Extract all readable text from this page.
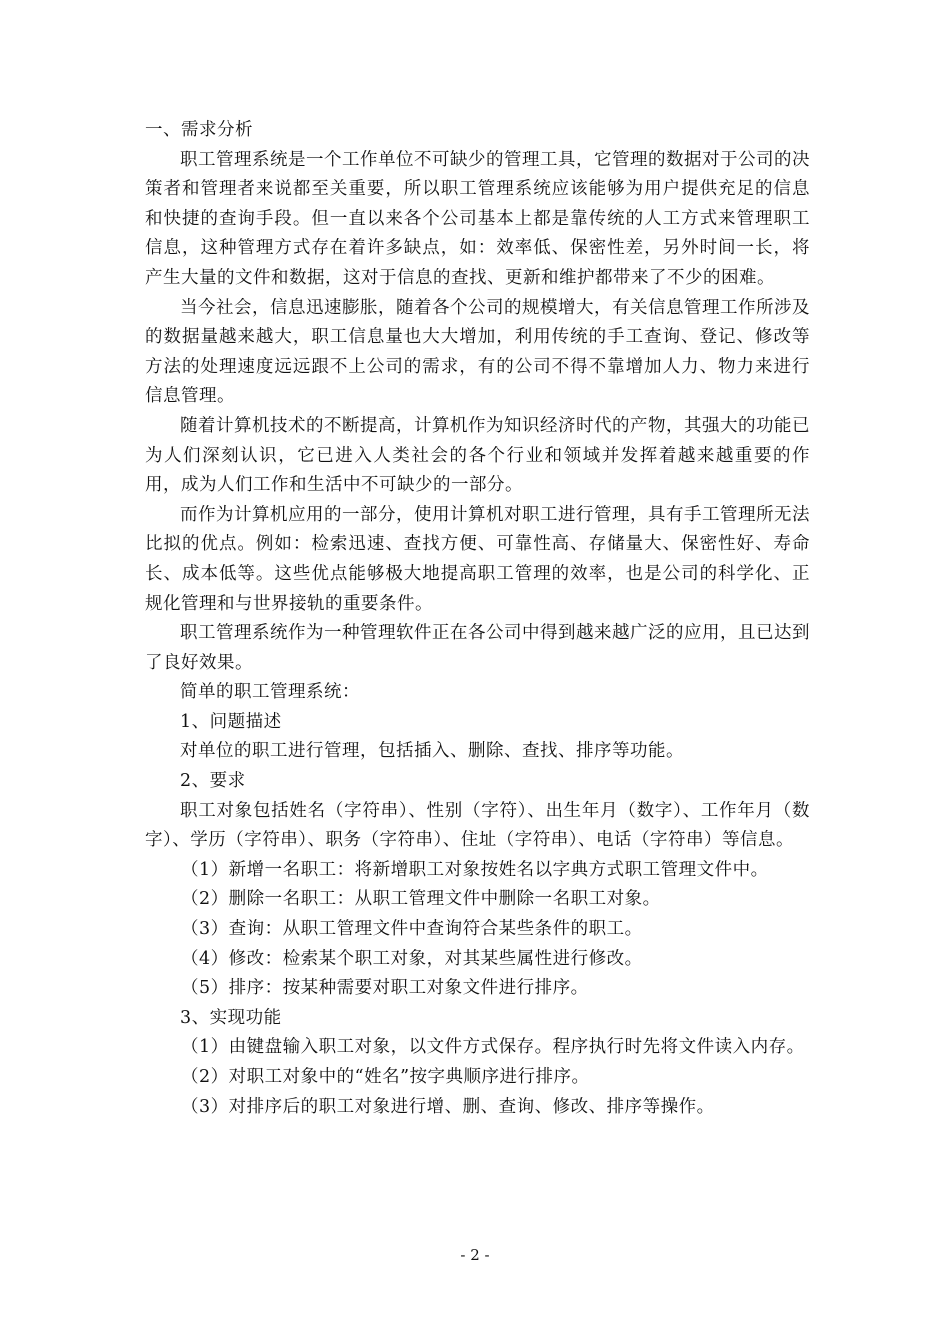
一、需求分析

职工管理系统是一个工作单位不可缺少的管理工具，它管理的数据对于公司的决策者和管理者来说都至关重要，所以职工管理系统应该能够为用户提供充足的信息和快捷的查询手段。但一直以来各个公司基本上都是靠传统的人工方式来管理职工信息，这种管理方式存在着许多缺点，如：效率低、保密性差，另外时间一长，将产生大量的文件和数据，这对于信息的查找、更新和维护都带来了不少的困难。

当今社会，信息迅速膨胀，随着各个公司的规模增大，有关信息管理工作所涉及的数据量越来越大，职工信息量也大大增加，利用传统的手工查询、登记、修改等方法的处理速度远远跟不上公司的需求，有的公司不得不靠增加人力、物力来进行信息管理。

随着计算机技术的不断提高，计算机作为知识经济时代的产物，其强大的功能已为人们深刻认识，它已进入人类社会的各个行业和领域并发挥着越来越重要的作用，成为人们工作和生活中不可缺少的一部分。

而作为计算机应用的一部分，使用计算机对职工进行管理，具有手工管理所无法比拟的优点。例如：检索迅速、查找方便、可靠性高、存储量大、保密性好、寿命长、成本低等。这些优点能够极大地提高职工管理的效率，也是公司的科学化、正规化管理和与世界接轨的重要条件。

职工管理系统作为一种管理软件正在各公司中得到越来越广泛的应用，且已达到了良好效果。

简单的职工管理系统：

1、问题描述

对单位的职工进行管理，包括插入、删除、查找、排序等功能。

2、要求

职工对象包括姓名（字符串）、性别（字符）、出生年月（数字）、工作年月（数字）、学历（字符串）、职务（字符串）、住址（字符串）、电话（字符串）等信息。

（1）新增一名职工：将新增职工对象按姓名以字典方式职工管理文件中。

（2）删除一名职工：从职工管理文件中删除一名职工对象。

（3）查询：从职工管理文件中查询符合某些条件的职工。

（4）修改：检索某个职工对象，对其某些属性进行修改。

（5）排序：按某种需要对职工对象文件进行排序。

3、实现功能

（1）由键盘输入职工对象，以文件方式保存。程序执行时先将文件读入内存。

（2）对职工对象中的“姓名”按字典顺序进行排序。

（3）对排序后的职工对象进行增、删、查询、修改、排序等操作。

- 2 -
